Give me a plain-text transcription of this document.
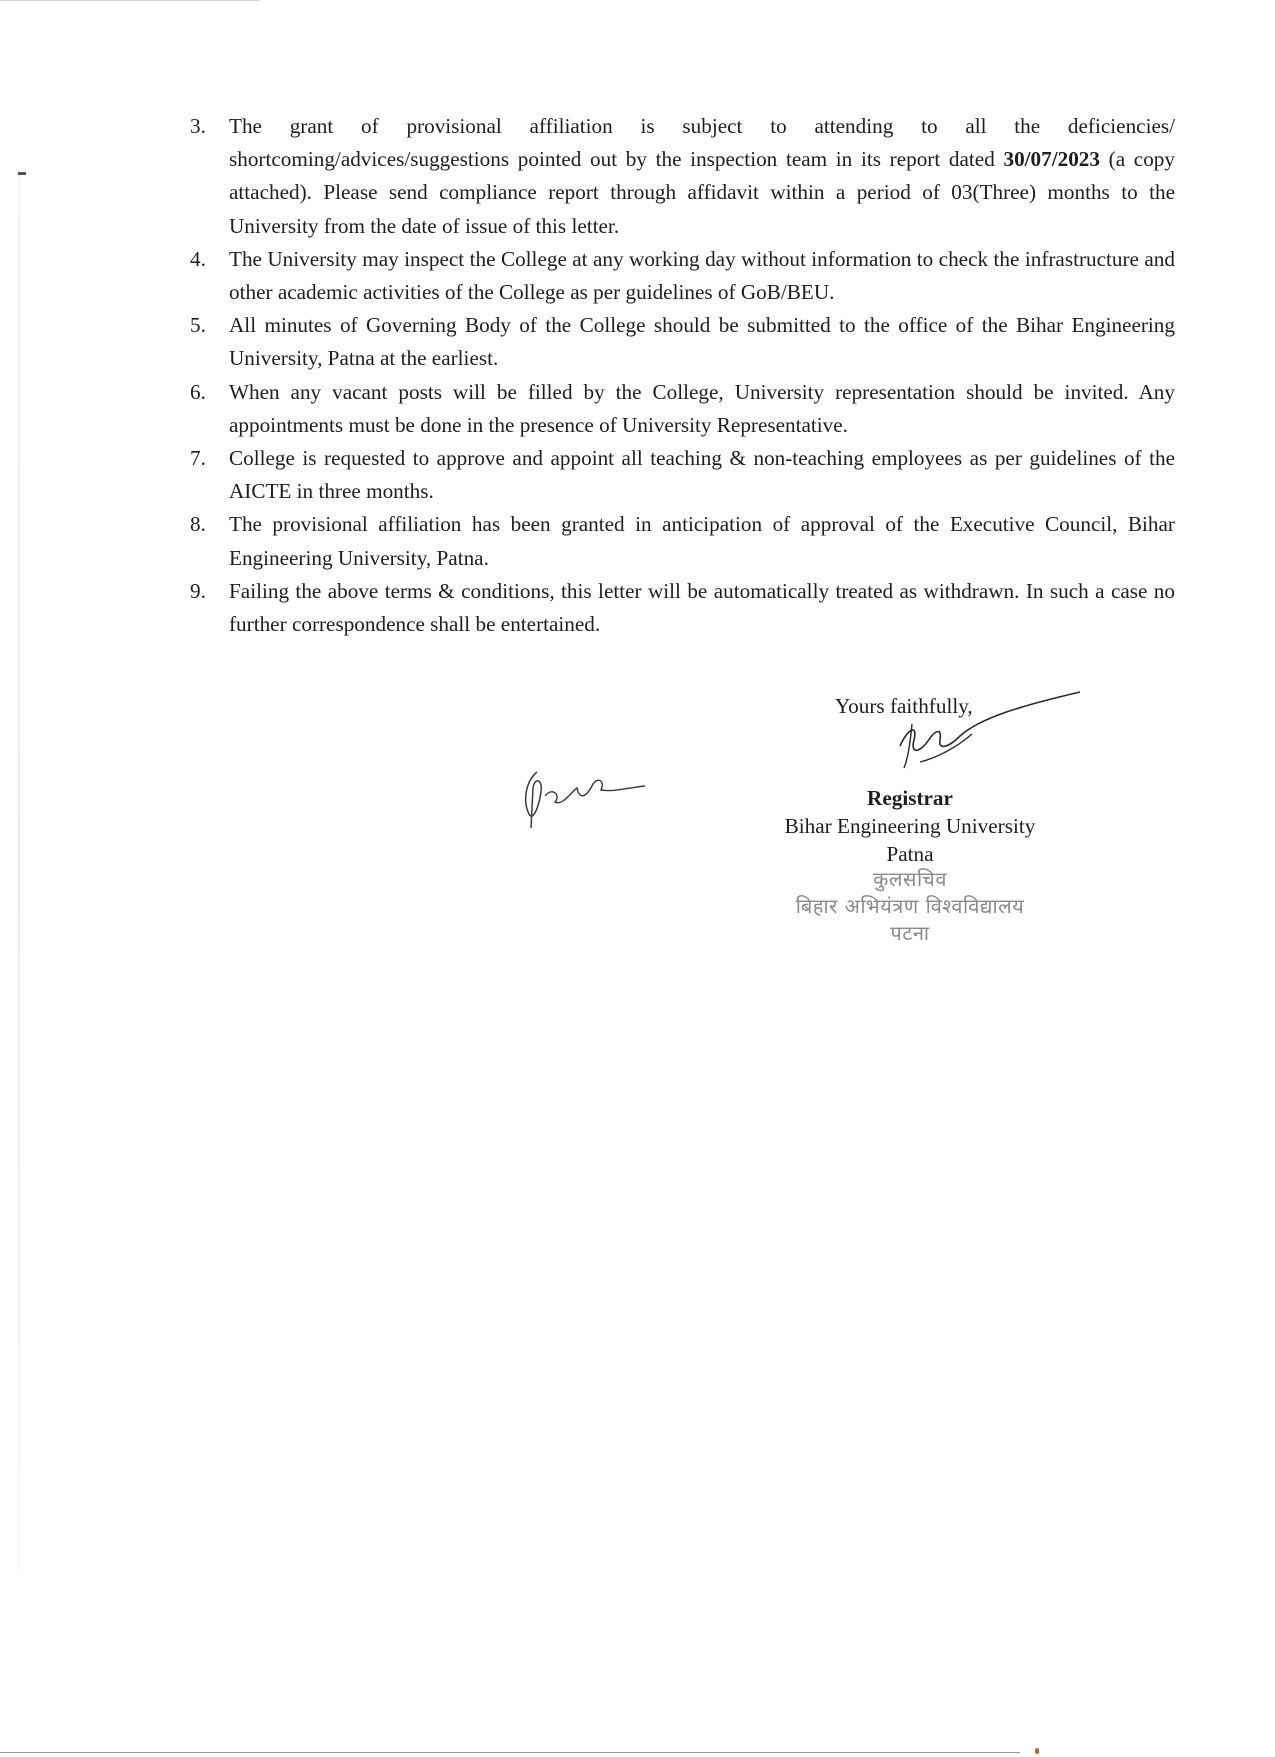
3.	The grant of provisional affiliation is subject to attending to all the deficiencies/ shortcoming/advices/suggestions pointed out by the inspection team in its report dated 30/07/2023 (a copy attached). Please send compliance report through affidavit within a period of 03(Three) months to the University from the date of issue of this letter.
4.	The University may inspect the College at any working day without information to check the infrastructure and other academic activities of the College as per guidelines of GoB/BEU.
5.	All minutes of Governing Body of the College should be submitted to the office of the Bihar Engineering University, Patna at the earliest.
6.	When any vacant posts will be filled by the College, University representation should be invited. Any appointments must be done in the presence of University Representative.
7.	College is requested to approve and appoint all teaching & non-teaching employees as per guidelines of the AICTE in three months.
8.	The provisional affiliation has been granted in anticipation of approval of the Executive Council, Bihar Engineering University, Patna.
9.	Failing the above terms & conditions, this letter will be automatically treated as withdrawn. In such a case no further correspondence shall be entertained.
Yours faithfully,
Registrar
Bihar Engineering University
Patna
कुलसचिव
बिहार अभियंत्रण विश्वविद्यालय
पटना
